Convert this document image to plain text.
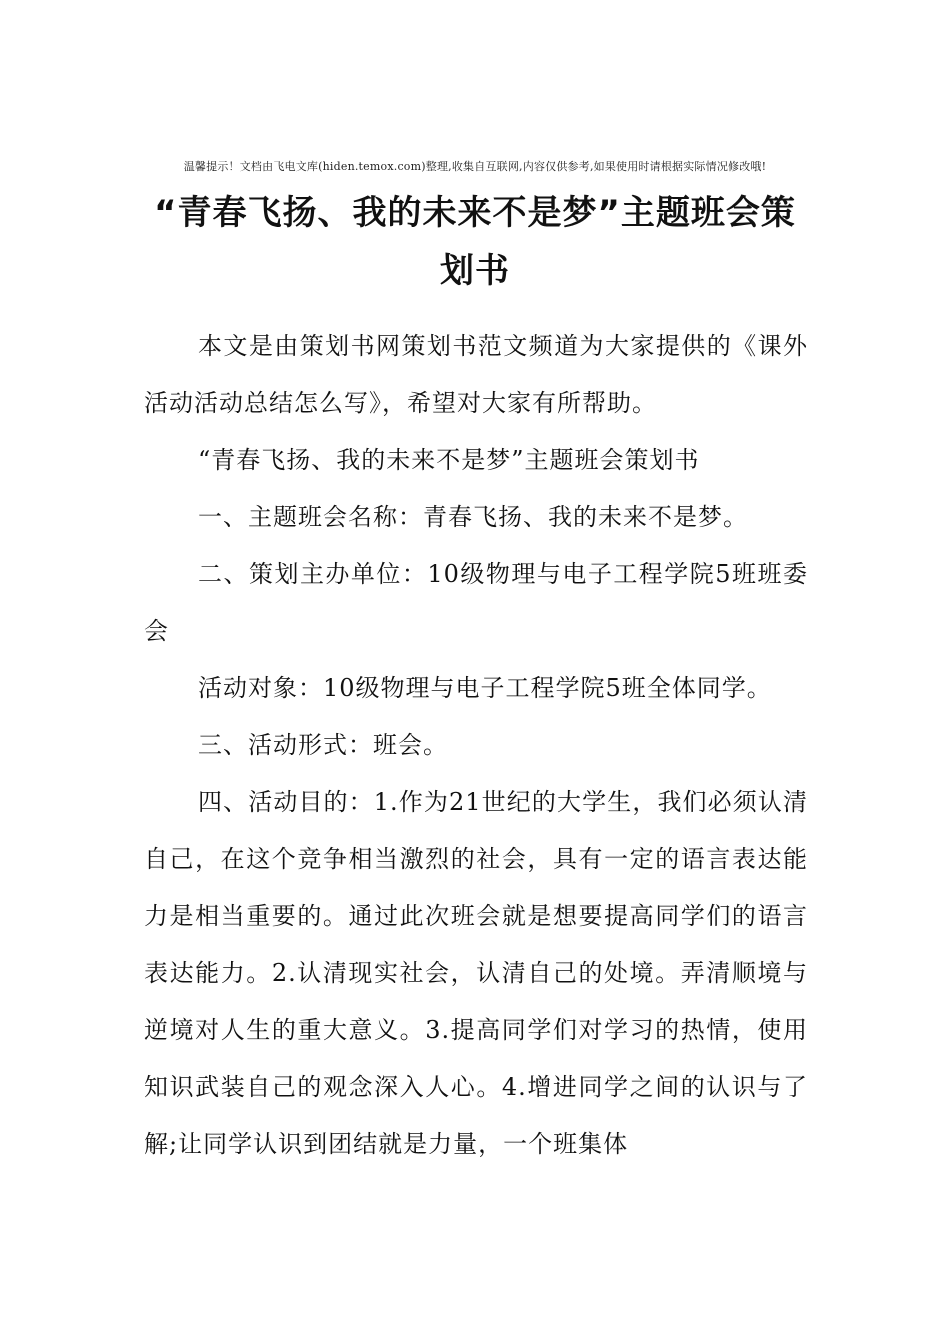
温馨提示！文档由飞电文库(hiden.temox.com)整理,收集自互联网,内容仅供参考,如果使用时请根据实际情况修改哦!
“青春飞扬、我的未来不是梦”主题班会策划书

本文是由策划书网策划书范文频道为大家提供的《课外活动活动总结怎么写》，希望对大家有所帮助。

“青春飞扬、我的未来不是梦”主题班会策划书

一、主题班会名称：青春飞扬、我的未来不是梦。

二、策划主办单位：10级物理与电子工程学院5班班委会

活动对象：10级物理与电子工程学院5班全体同学。

三、活动形式：班会。

四、活动目的：1.作为21世纪的大学生，我们必须认清自己，在这个竞争相当激烈的社会，具有一定的语言表达能力是相当重要的。通过此次班会就是想要提高同学们的语言表达能力。2.认清现实社会，认清自己的处境。弄清顺境与逆境对人生的重大意义。3.提高同学们对学习的热情，使用知识武装自己的观念深入人心。4.增进同学之间的认识与了解;让同学认识到团结就是力量，一个班集体
